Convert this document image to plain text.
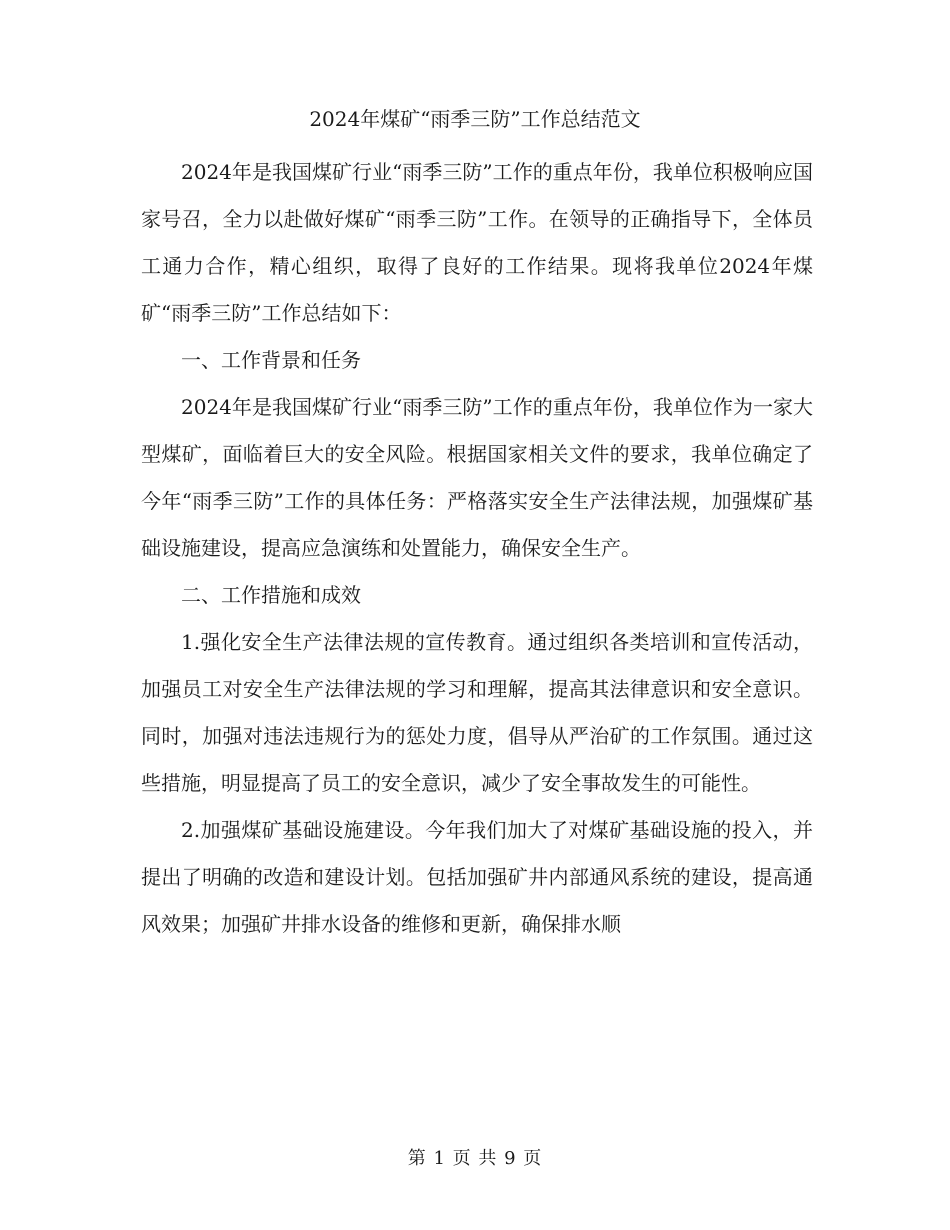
2024年煤矿“雨季三防”工作总结范文

2024年是我国煤矿行业“雨季三防”工作的重点年份，我单位积极响应国家号召，全力以赴做好煤矿“雨季三防”工作。在领导的正确指导下，全体员工通力合作，精心组织，取得了良好的工作结果。现将我单位2024年煤矿“雨季三防”工作总结如下：

一、工作背景和任务

2024年是我国煤矿行业“雨季三防”工作的重点年份，我单位作为一家大型煤矿，面临着巨大的安全风险。根据国家相关文件的要求，我单位确定了今年“雨季三防”工作的具体任务：严格落实安全生产法律法规，加强煤矿基础设施建设，提高应急演练和处置能力，确保安全生产。

二、工作措施和成效

1.强化安全生产法律法规的宣传教育。通过组织各类培训和宣传活动，加强员工对安全生产法律法规的学习和理解，提高其法律意识和安全意识。同时，加强对违法违规行为的惩处力度，倡导从严治矿的工作氛围。通过这些措施，明显提高了员工的安全意识，减少了安全事故发生的可能性。

2.加强煤矿基础设施建设。今年我们加大了对煤矿基础设施的投入，并提出了明确的改造和建设计划。包括加强矿井内部通风系统的建设，提高通风效果；加强矿井排水设备的维修和更新，确保排水顺

第 1 页 共 9 页
